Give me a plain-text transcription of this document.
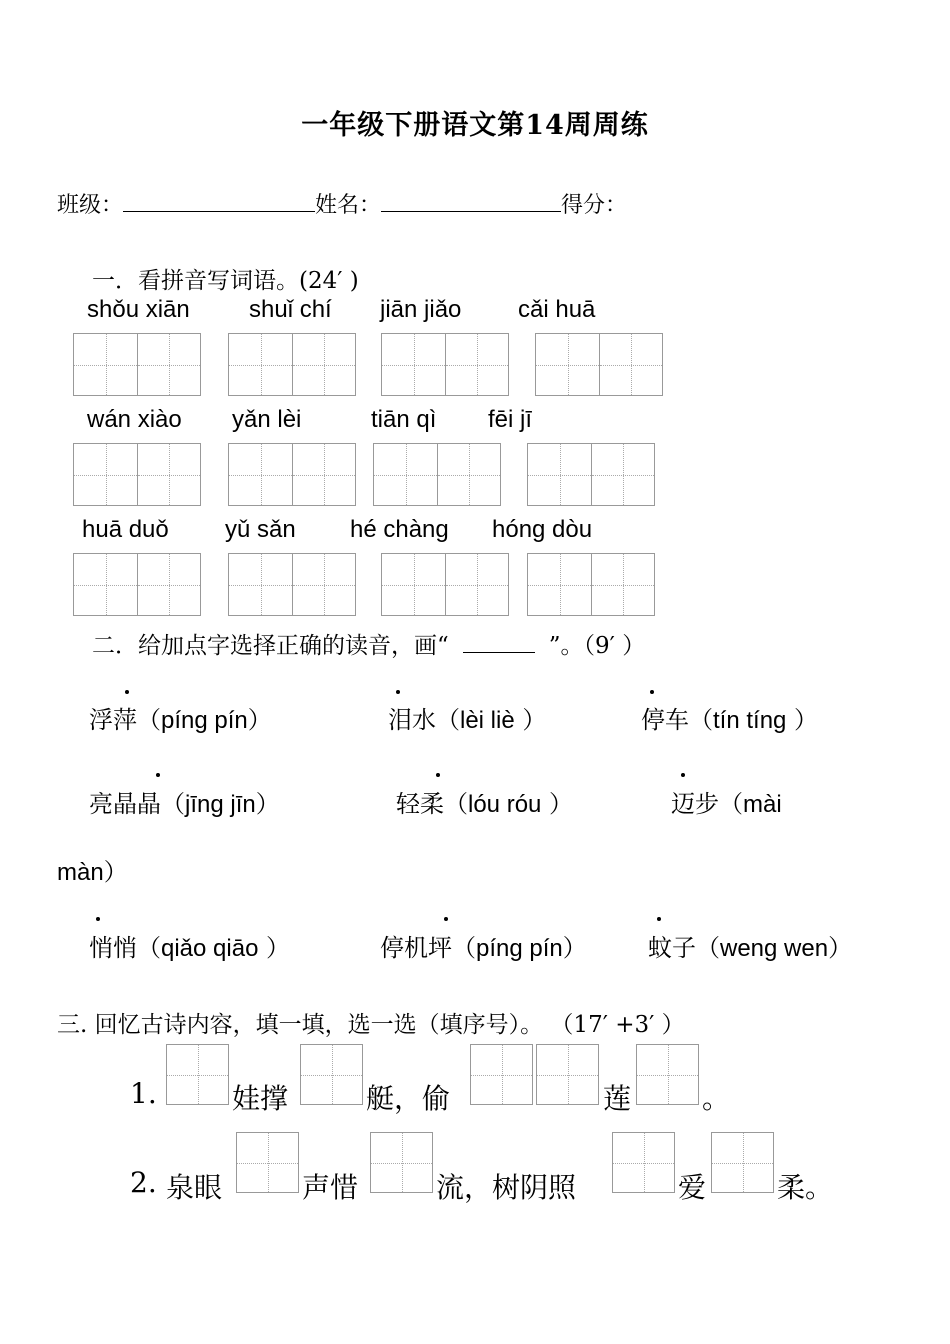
一年级下册语文第14周周练
班级：	姓名：	得分：
一．看拼音写词语。(24′ )
shǒu xiān shuǐ chí jiān jiǎo cǎi huā
wán xiào yǎn lèi	tiān qì fēi jī
huā duǒ yǔ sǎn hé chàng hóng dòu
二．给加点字选择正确的读音，画“	”。（9′ ）
浮萍（píng pín）	泪水（lèi liè ）	停车（tín tíng ）
亮晶晶（jīng jīn）	轻柔（lóu róu ）	迈步（mài
màn）
悄悄（qiǎo qiāo ）	停机坪（píng pín）	蚊子（weng wen）
三. 回忆古诗内容，填一填，选一选（填序号）。 （17′ +3′ ）
1.	娃撑	艇，偷	莲	。
2. 泉眼	声惜	流，树阴照	爱	柔。
